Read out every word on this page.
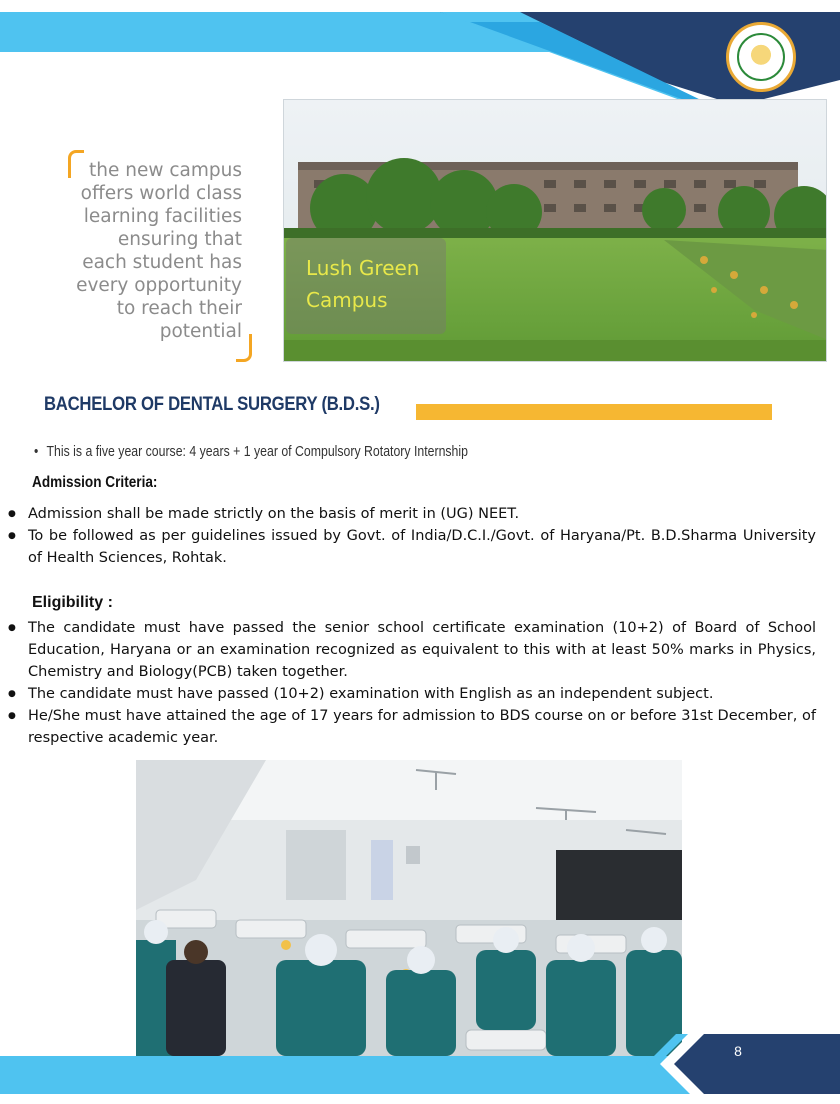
the new campus
offers world class
learning facilities
ensuring that
each student has
every opportunity
to reach their
potential
Lush Green
Campus
BACHELOR OF DENTAL SURGERY (B.D.S.)
• This is a five year course: 4 years + 1 year of Compulsory Rotatory Internship
Admission Criteria:
● Admission shall be made strictly on the basis of merit in (UG) NEET.
● To be followed as per guidelines issued by Govt. of India/D.C.I./Govt. of Haryana/Pt. B.D.Sharma University of Health Sciences, Rohtak.
Eligibility :
● The candidate must have passed the senior school certificate examination (10+2) of Board of School Education, Haryana or an examination recognized as equivalent to this with at least 50% marks in Physics, Chemistry and Biology(PCB) taken together.
● The candidate must have passed (10+2) examination with English as an independent subject.
● He/She must have attained the age of 17 years for admission to BDS course on or before 31st December, of respective academic year.
8
